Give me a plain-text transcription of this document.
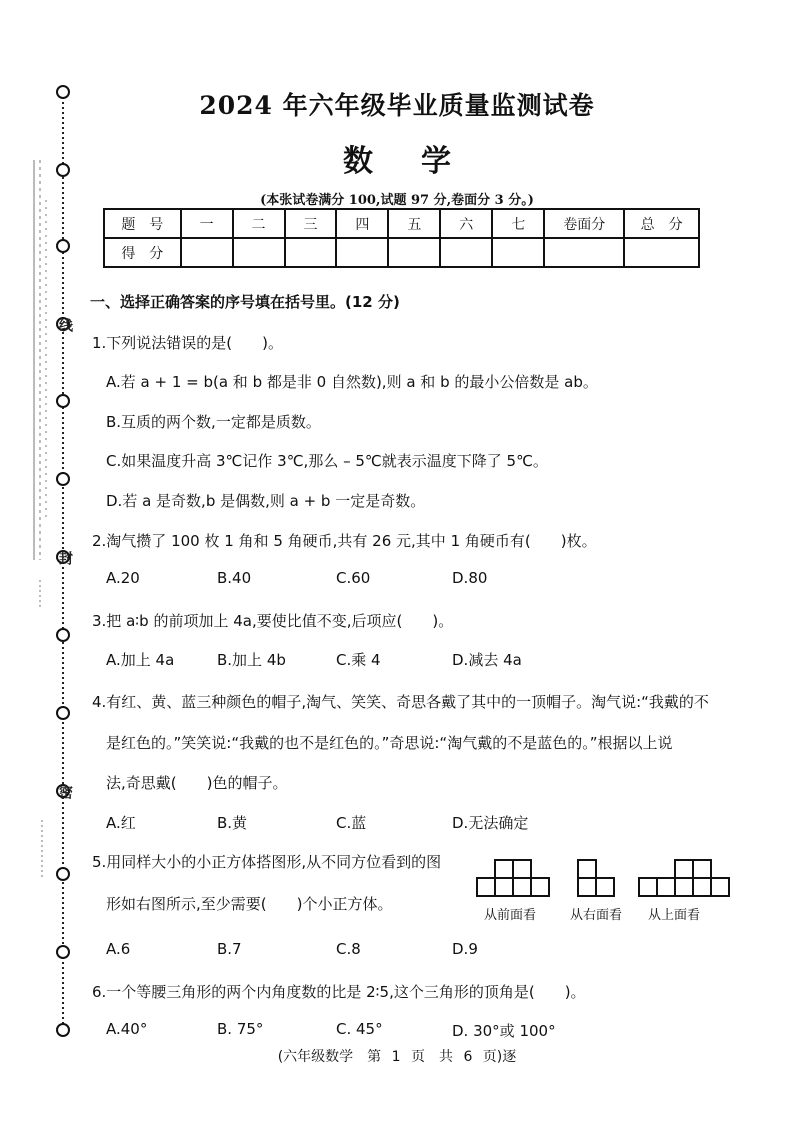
线
封
密
2024 年六年级毕业质量监测试卷
数学
(本张试卷满分 100,试题 97 分,卷面分 3 分。)
题　号	一	二	三	四	五	六	七	卷面分	总　分
得　分									
一、选择正确答案的序号填在括号里。(12 分)
1.下列说法错误的是(　　)。
A.若 a + 1 = b(a 和 b 都是非 0 自然数),则 a 和 b 的最小公倍数是 ab。
B.互质的两个数,一定都是质数。
C.如果温度升高 3℃记作 3℃,那么 – 5℃就表示温度下降了 5℃。
D.若 a 是奇数,b 是偶数,则 a + b 一定是奇数。
2.淘气攒了 100 枚 1 角和 5 角硬币,共有 26 元,其中 1 角硬币有(　　)枚。
A.20	B.40	C.60	D.80
3.把 a∶b 的前项加上 4a,要使比值不变,后项应(　　)。
A.加上 4a	B.加上 4b	C.乘 4	D.减去 4a
4.有红、黄、蓝三种颜色的帽子,淘气、笑笑、奇思各戴了其中的一顶帽子。淘气说:“我戴的不
是红色的。”笑笑说:“我戴的也不是红色的。”奇思说:“淘气戴的不是蓝色的。”根据以上说
法,奇思戴(　　)色的帽子。
A.红	B.黄	C.蓝	D.无法确定
5.用同样大小的小正方体搭图形,从不同方位看到的图
形如右图所示,至少需要(　　)个小正方体。
从前面看	从右面看 从上面看
A.6	B.7	C.8	D.9
6.一个等腰三角形的两个内角度数的比是 2∶5,这个三角形的顶角是(　　)。
A.40°	B. 75°	C. 45°	D. 30°或 100°
(六年级数学　第 1 页　共 6 页)逐
